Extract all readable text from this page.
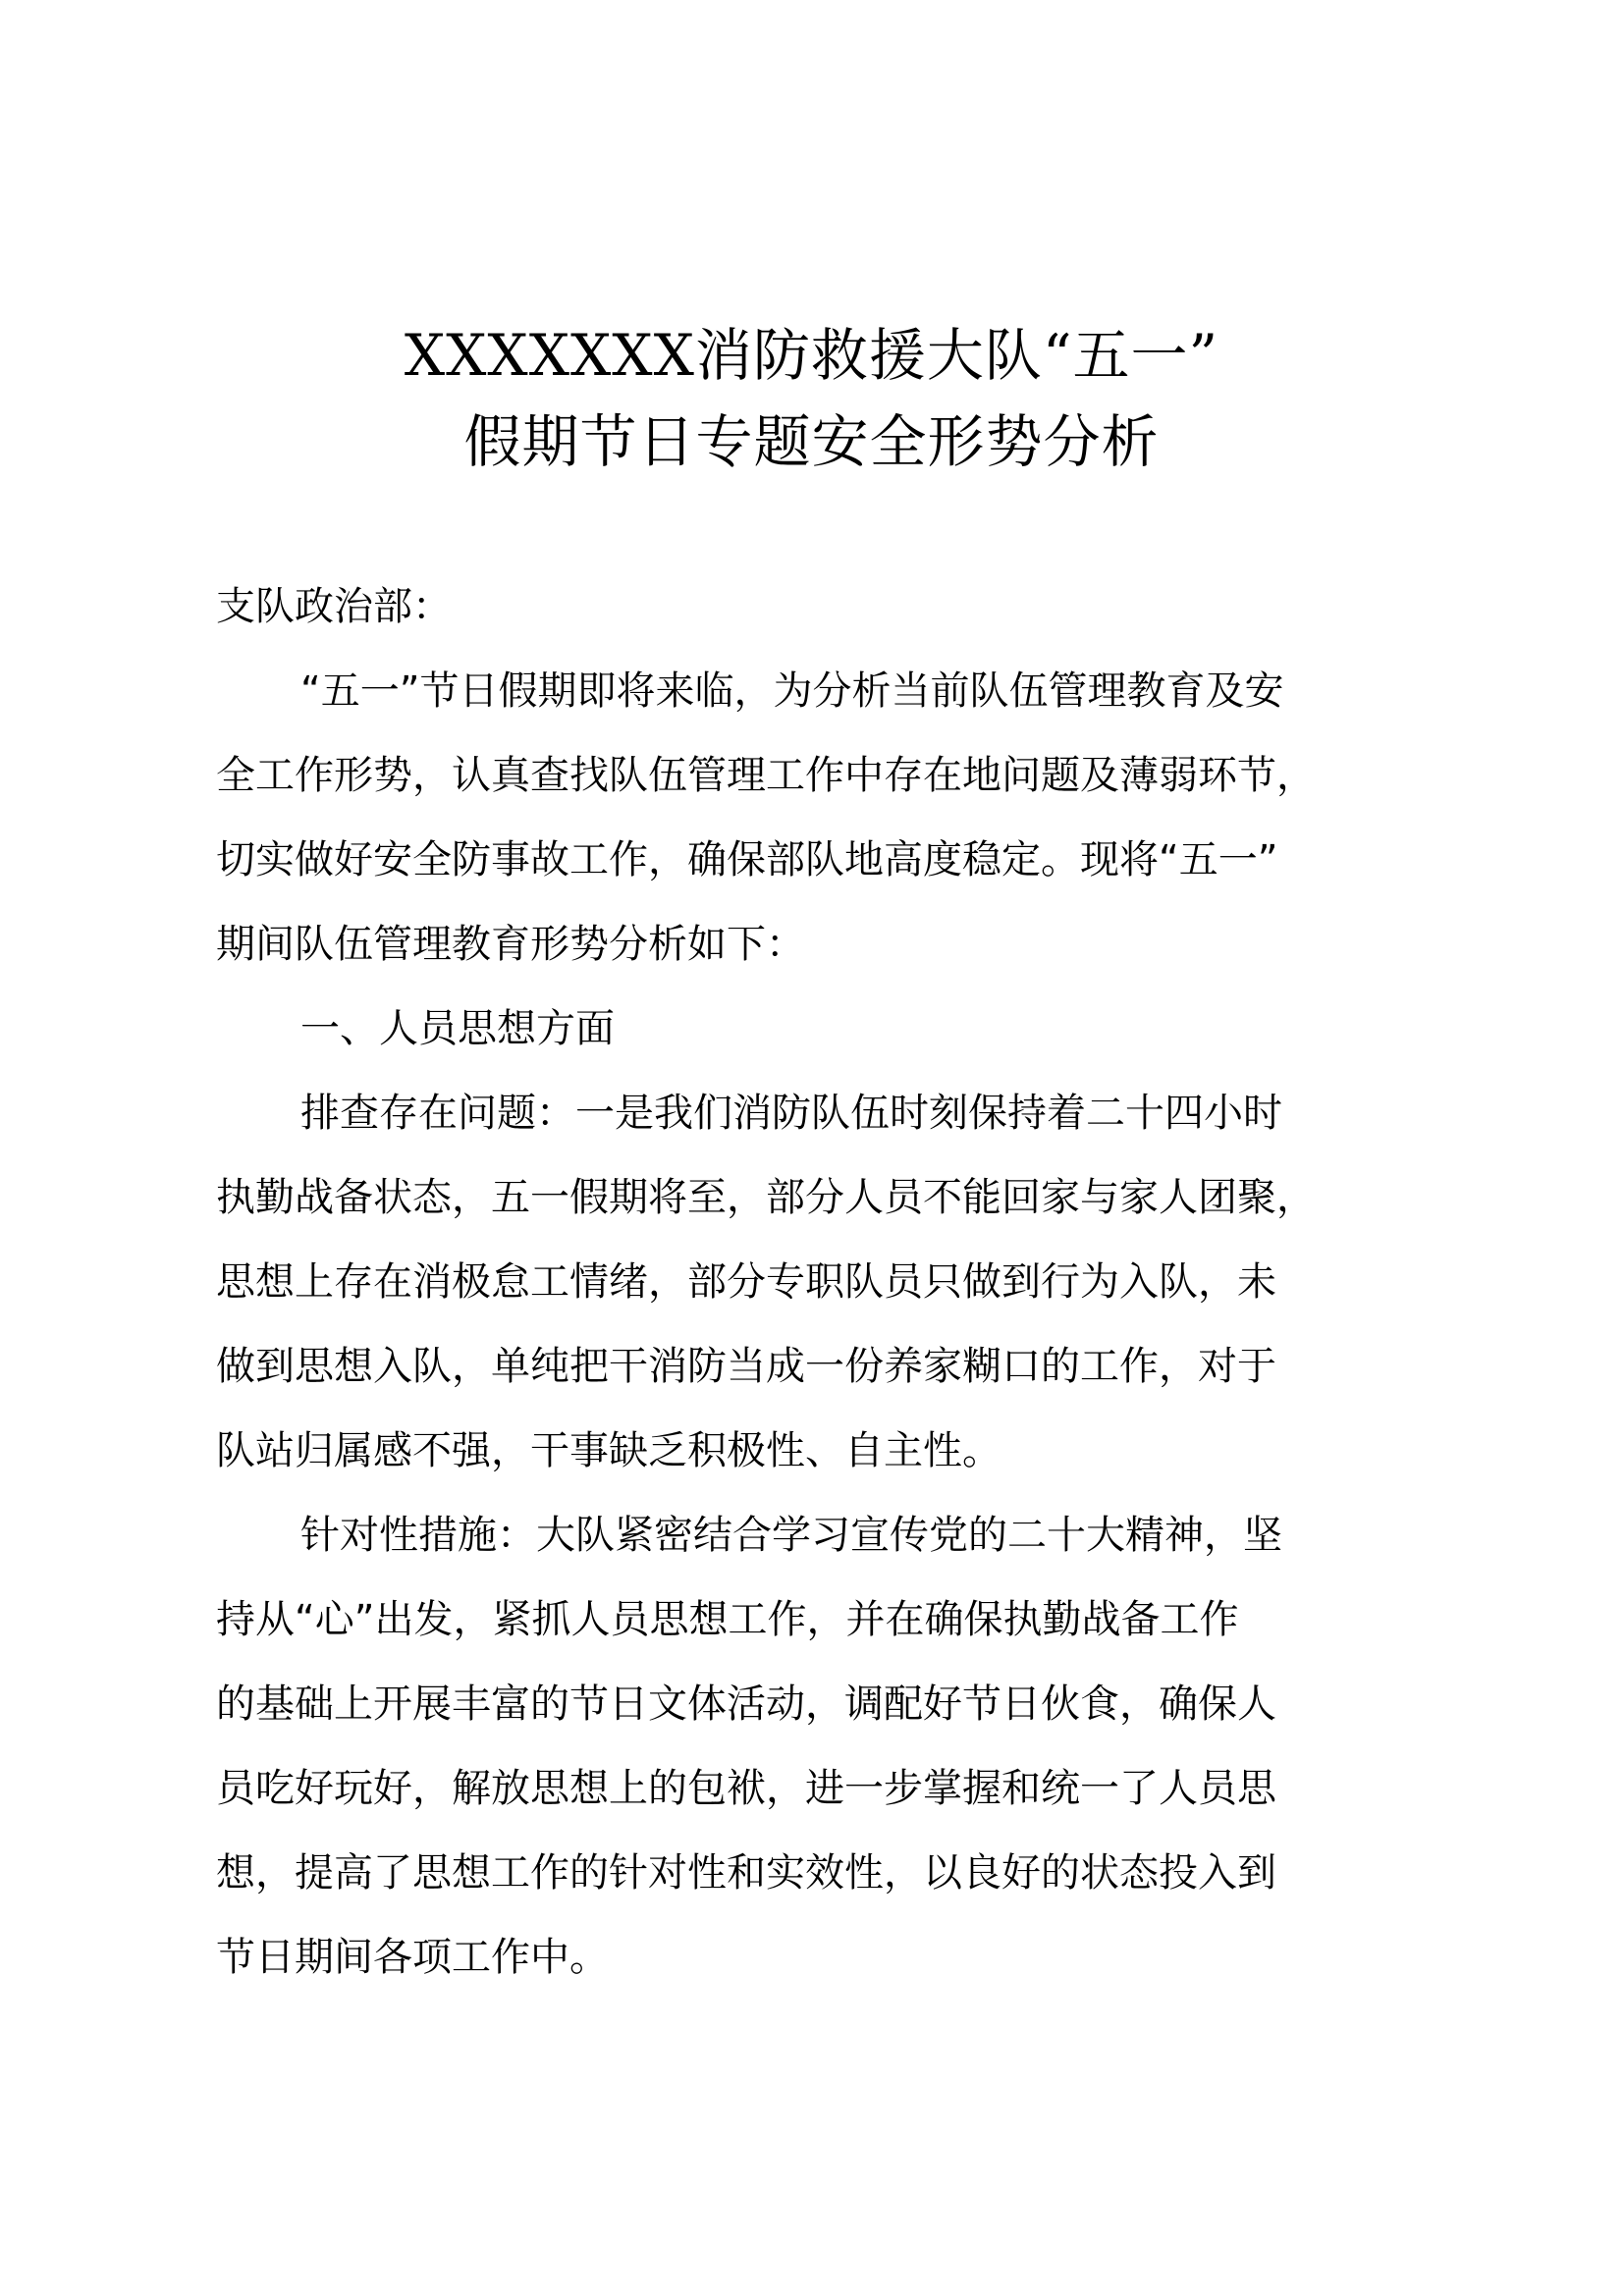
XXXXXXX消防救援大队“五一”
假期节日专题安全形势分析
支队政治部：
“五一”节日假期即将来临，为分析当前队伍管理教育及安
全工作形势，认真查找队伍管理工作中存在地问题及薄弱环节，
切实做好安全防事故工作，确保部队地高度稳定。现将“五一”
期间队伍管理教育形势分析如下：
一、人员思想方面
排查存在问题：一是我们消防队伍时刻保持着二十四小时
执勤战备状态，五一假期将至，部分人员不能回家与家人团聚，
思想上存在消极怠工情绪，部分专职队员只做到行为入队，未
做到思想入队，单纯把干消防当成一份养家糊口的工作，对于
队站归属感不强，干事缺乏积极性、自主性。
针对性措施：大队紧密结合学习宣传党的二十大精神，坚
持从“心”出发，紧抓人员思想工作，并在确保执勤战备工作
的基础上开展丰富的节日文体活动，调配好节日伙食，确保人
员吃好玩好，解放思想上的包袱，进一步掌握和统一了人员思
想，提高了思想工作的针对性和实效性，以良好的状态投入到
节日期间各项工作中。
